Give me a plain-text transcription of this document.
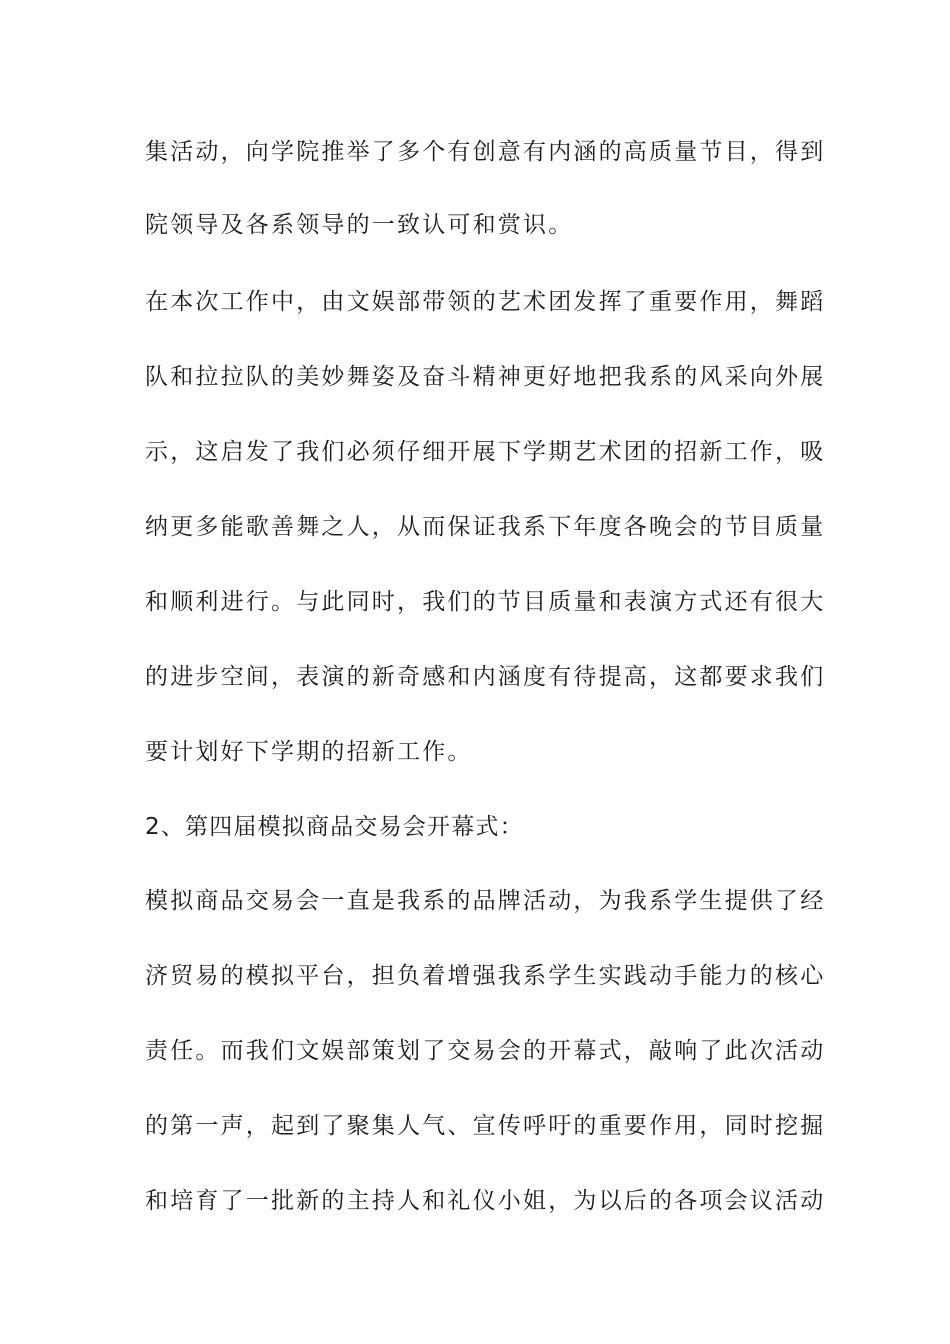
集活动，向学院推举了多个有创意有内涵的高质量节目，得到
院领导及各系领导的一致认可和赏识。
在本次工作中，由文娱部带领的艺术团发挥了重要作用，舞蹈
队和拉拉队的美妙舞姿及奋斗精神更好地把我系的风采向外展
示，这启发了我们必须仔细开展下学期艺术团的招新工作，吸
纳更多能歌善舞之人，从而保证我系下年度各晚会的节目质量
和顺利进行。与此同时，我们的节目质量和表演方式还有很大
的进步空间，表演的新奇感和内涵度有待提高，这都要求我们
要计划好下学期的招新工作。
2、第四届模拟商品交易会开幕式：
模拟商品交易会一直是我系的品牌活动，为我系学生提供了经
济贸易的模拟平台，担负着增强我系学生实践动手能力的核心
责任。而我们文娱部策划了交易会的开幕式，敲响了此次活动
的第一声，起到了聚集人气、宣传呼吁的重要作用，同时挖掘
和培育了一批新的主持人和礼仪小姐，为以后的各项会议活动
